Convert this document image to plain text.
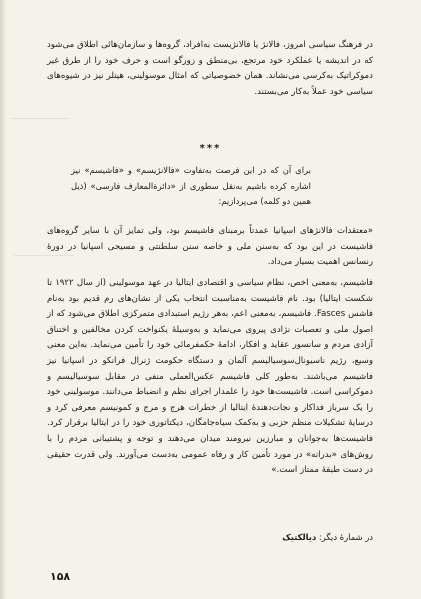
در فرهنگ سیاسی امروز، فالانژ یا فالانژیست به‌افراد، گروه‌ها و سازمان‌هائی اطلاق می‌شود که در اندیشه یا عملکرد خود مرتجع، بی‌منطق و زورگو است و حرف خود را از طرق غیر دموکراتیک به‌کرسی می‌نشاند. همان خصوصیاتی که امثال موسولینی، هیتلر نیز در شیوه‌های سیاسی خود عملاً به‌کار می‌بستند.

***

برای آن که در این فرصت به‌تفاوت «فالانژیسم» و «فاشیسم» نیز اشاره کرده باشیم به‌نقل سطوری از «دائرةالمعارف فارسی» (ذیل همین دو کلمه) می‌پردازیم:

«معتقدات فالانژهای اسپانیا عمدتاً برمبنای فاشیسم بود، ولی تمایز آن با سایر گروه‌های فاشیست در این بود که به‌سنن ملی و خاصه سنن سلطنتی و مسیحی اسپانیا در دورهٔ رنسانس اهمیت بسیار می‌داد.

فاشیسم، به‌معنی اخص، نظام سیاسی و اقتصادی ایتالیا در عهد موسولینی (از سال ۱۹۲۲ تا شکست ایتالیا) بود. نام فاشیست به‌مناسبت انتخاب یکی از نشان‌های رم قدیم بود به‌نام فاشس Fasces. فاشیسم، به‌معنی اعم، به‌هر رژیم استبدادی متمرکزی اطلاق می‌شود که از اصول ملی و تعصبات نژادی پیروی می‌نماید و به‌وسیلهٔ یکنواخت کردن مخالفین و اختناق آزادی مردم و سانسور عقاید و افکار، ادامهٔ حکمفرمائی خود را تأمین می‌نماید. به‌این معنی وسیع، رژیم ناسیونال‌سوسیالیسم آلمان و دستگاه حکومت ژنرال فرانکو در اسپانیا نیز فاشیسم می‌باشند. به‌طور کلی فاشیسم عکس‌العملی منفی در مقابل سوسیالیسم و دموکراسی است. فاشیست‌ها خود را علمدار اجرای نظم و انضباط می‌دانند. موسولینی خود را یک سرباز فداکار و نجات‌دهندهٔ ایتالیا از خطرات هرج و مرج و کمونیسم معرفی کرد و درسایهٔ تشکیلات منظم حزبی و به‌کمک سیاه‌جامگان، دیکتاتوری خود را در ایتالیا برقرار کرد. فاشیست‌ها به‌جوانان و مبارزین نیرومند میدان می‌دهند و توجه و پشتیبانی مردم را با روش‌های «بدرانه» در مورد تأمین کار و رفاه عمومی به‌دست می‌آورند. ولی قدرت حقیقی در دست طبقهٔ ممتاز است.»

در شمارهٔ دیگر: دیالکتیک

۱۵۸
